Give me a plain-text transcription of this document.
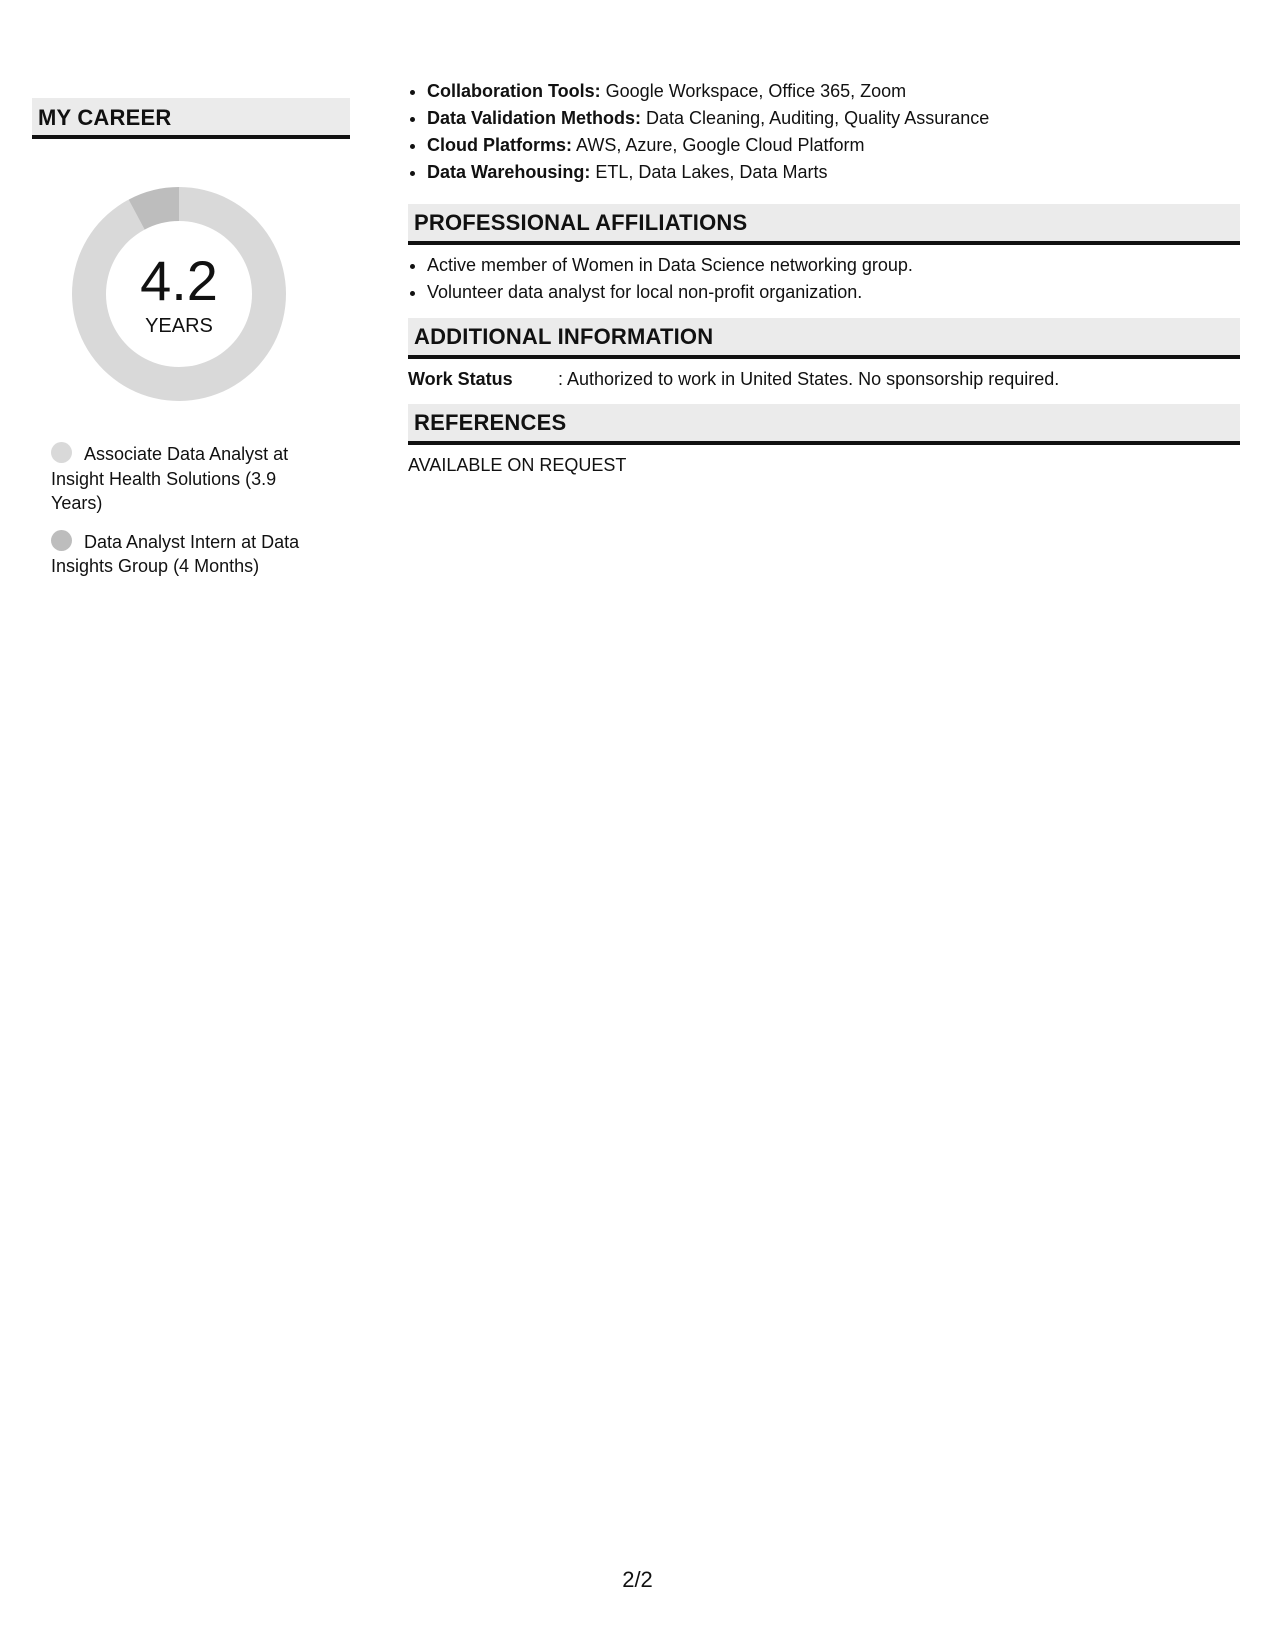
MY CAREER
4.2
YEARS
Associate Data Analyst at Insight Health Solutions (3.9 Years)
Data Analyst Intern at Data Insights Group (4 Months)
• Collaboration Tools: Google Workspace, Office 365, Zoom
• Data Validation Methods: Data Cleaning, Auditing, Quality Assurance
• Cloud Platforms: AWS, Azure, Google Cloud Platform
• Data Warehousing: ETL, Data Lakes, Data Marts
PROFESSIONAL AFFILIATIONS
• Active member of Women in Data Science networking group.
• Volunteer data analyst for local non-profit organization.
ADDITIONAL INFORMATION
Work Status	: Authorized to work in United States. No sponsorship required.
REFERENCES
AVAILABLE ON REQUEST
2/2
